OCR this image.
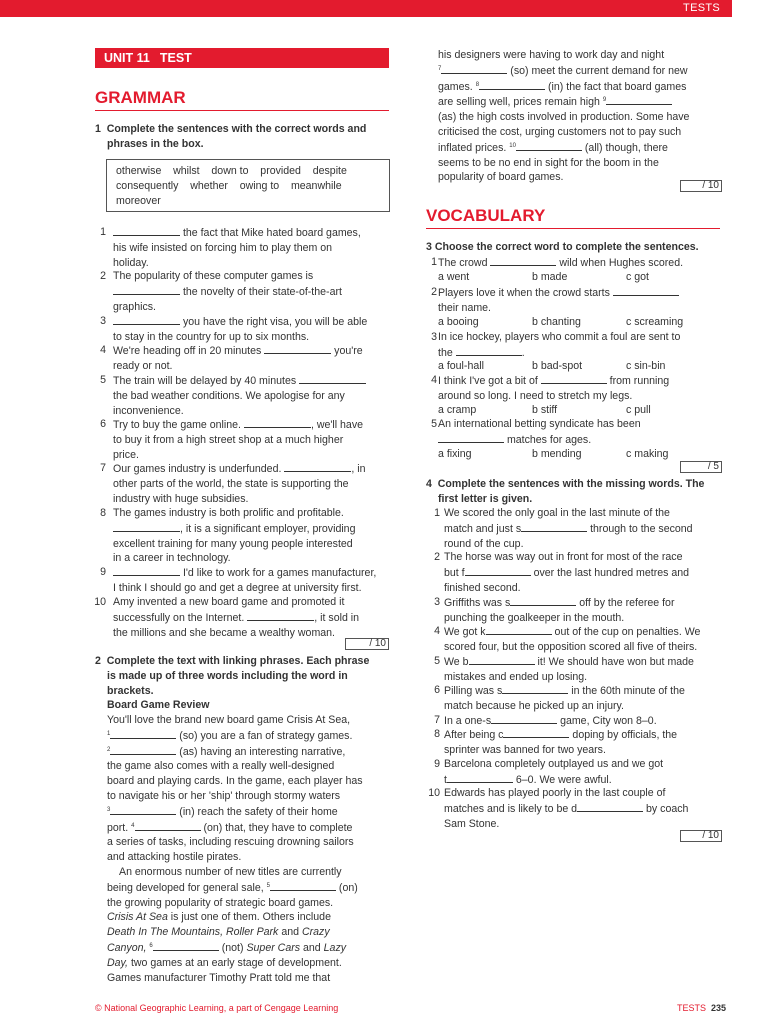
TESTS
UNIT 11 TEST
GRAMMAR
1  Complete the sentences with the correct words and
phrases in the box.
otherwise whilst down to provided despite
consequently whether owing to meanwhile
moreover
1	the fact that Mike hated board games,
his wife insisted on forcing him to play them on
holiday.
2 The popularity of these computer games is
the novelty of their state-of-the-art
graphics.
3	you have the right visa, you will be able
to stay in the country for up to six months.
4 We're heading off in 20 minutes	you're
ready or not.
5 The train will be delayed by 40 minutes
the bad weather conditions. We apologise for any
inconvenience.
6 Try to buy the game online.	, we'll have
to buy it from a high street shop at a much higher
price.
7 Our games industry is underfunded.	, in
other parts of the world, the state is supporting the
industry with huge subsidies.
8 The games industry is both prolific and profitable.
, it is a significant employer, providing
excellent training for many young people interested
in a career in technology.
9	I'd like to work for a games manufacturer,
I think I should go and get a degree at university first.
10 Amy invented a new board game and promoted it
successfully on the Internet.	, it sold in
the millions and she became a wealthy woman.
/ 10
2  Complete the text with linking phrases. Each phrase
is made up of three words including the word in
brackets.
Board Game Review
You'll love the brand new board game Crisis At Sea,
$^1$	(so) you are a fan of strategy games.
$^2$	(as) having an interesting narrative,
the game also comes with a really well-designed
board and playing cards. In the game, each player has
to navigate his or her 'ship' through stormy waters
$^3$	(in) reach the safety of their home
port. $^4$	(on) that, they have to complete
a series of tasks, including rescuing drowning sailors
and attacking hostile pirates.
An enormous number of new titles are currently
being developed for general sale, $^5$	(on)
the growing popularity of strategic board games.
Crisis At Sea is just one of them. Others include
Death In The Mountains, Roller Park and Crazy
Canyon, $^6$	(not) Super Cars and Lazy
Day, two games at an early stage of development.
Games manufacturer Timothy Pratt told me that
his designers were having to work day and night
$^7$	(so) meet the current demand for new
games. $^8$	(in) the fact that board games
are selling well, prices remain high $^9$
(as) the high costs involved in production. Some have
criticised the cost, urging customers not to pay such
inflated prices. $^{10}$	(all) though, there
seems to be no end in sight for the boom in the
popularity of board games.
/ 10
VOCABULARY
3 Choose the correct word to complete the sentences.
1 The crowd	wild when Hughes scored.
a went	b made	c got
2 Players love it when the crowd starts
their name.
a booing	b chanting	c screaming
3 In ice hockey, players who commit a foul are sent to
the	.
a foul-hall	b bad-spot	c sin-bin
4 I think I've got a bit of	from running
around so long. I need to stretch my legs.
a cramp	b stiff	c pull
5 An international betting syndicate has been
matches for ages.
a fixing	b mending	c making
/ 5
4  Complete the sentences with the missing words. The
first letter is given.
1 We scored the only goal in the last minute of the
match and just s	through to the second
round of the cup.
2 The horse was way out in front for most of the race
but f	over the last hundred metres and
finished second.
3 Griffiths was s	off by the referee for
punching the goalkeeper in the mouth.
4 We got k	out of the cup on penalties. We
scored four, but the opposition scored all five of theirs.
5 We b	it! We should have won but made
mistakes and ended up losing.
6 Pilling was s	in the 60th minute of the
match because he picked up an injury.
7 In a one-s	game, City won 8–0.
8 After being c	doping by officials, the
sprinter was banned for two years.
9 Barcelona completely outplayed us and we got
t	6–0. We were awful.
10 Edwards has played poorly in the last couple of
matches and is likely to be d	by coach
Sam Stone.
/ 10
© National Geographic Learning, a part of Cengage Learning	TESTS 235
